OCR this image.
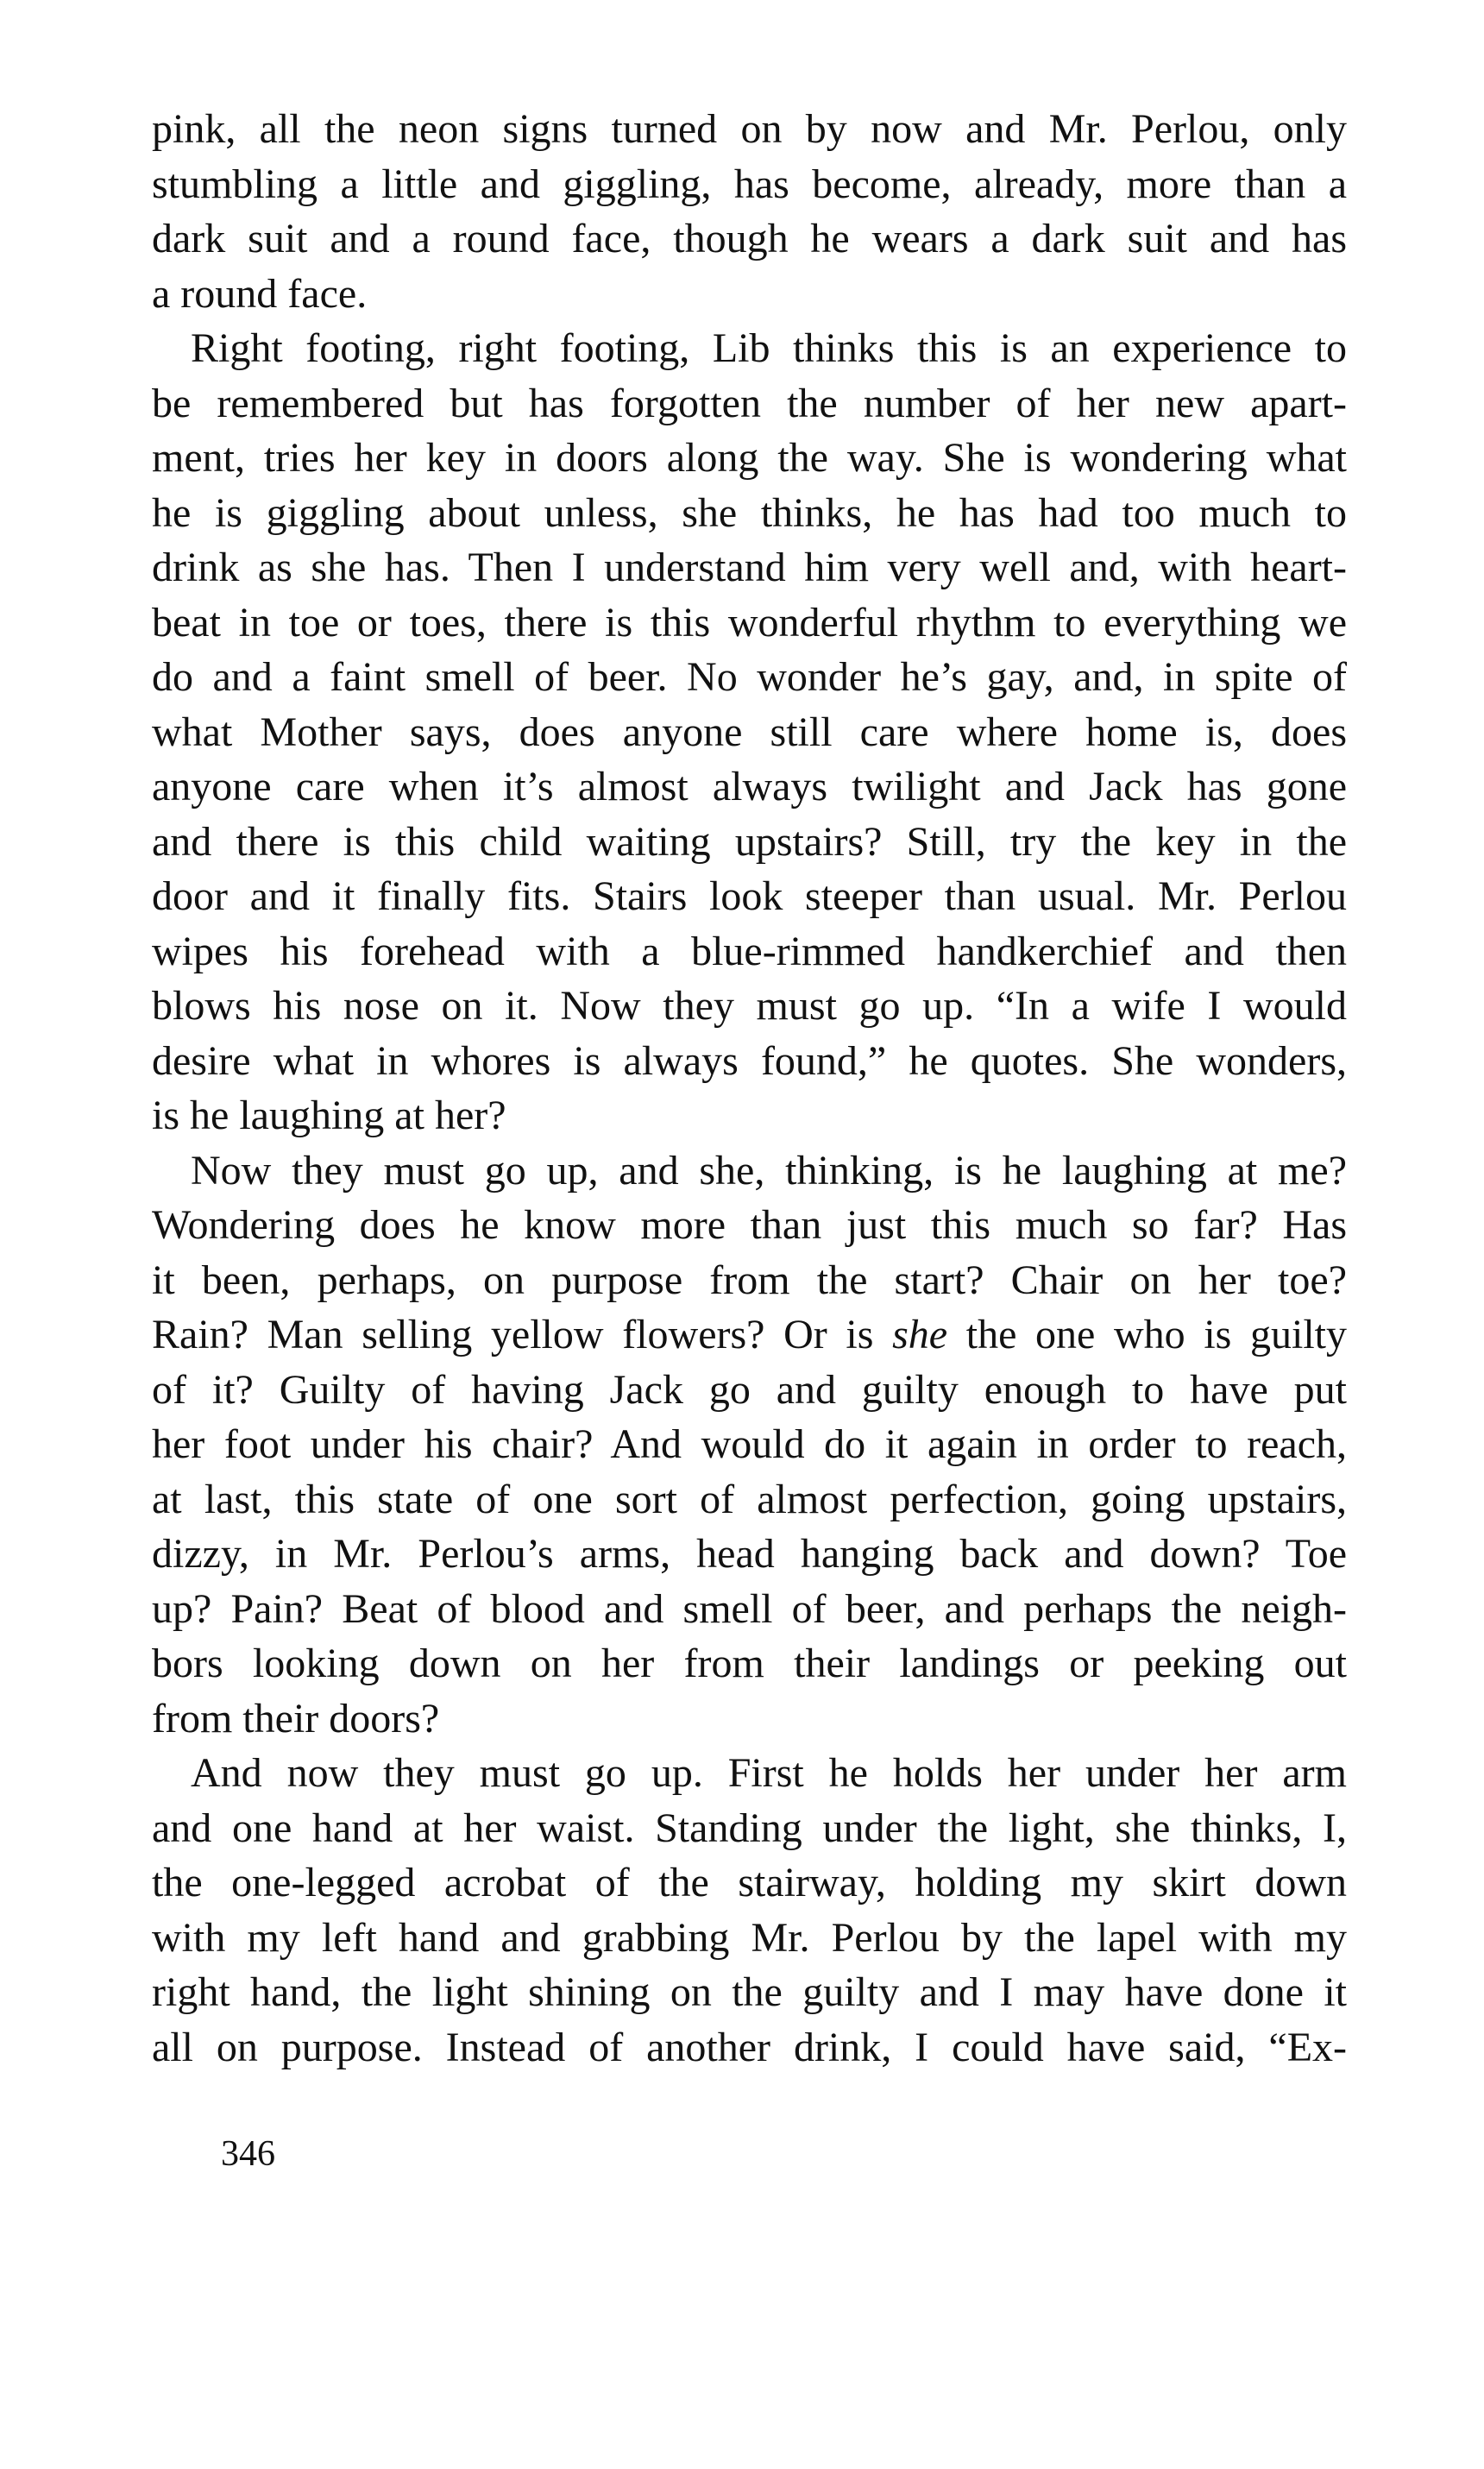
pink, all the neon signs turned on by now and Mr. Perlou, only
stumbling a little and giggling, has become, already, more than a
dark suit and a round face, though he wears a dark suit and has
a round face.
Right footing, right footing, Lib thinks this is an experience to
be remembered but has forgotten the number of her new apart-
ment, tries her key in doors along the way. She is wondering what
he is giggling about unless, she thinks, he has had too much to
drink as she has. Then I understand him very well and, with heart-
beat in toe or toes, there is this wonderful rhythm to everything we
do and a faint smell of beer. No wonder he’s gay, and, in spite of
what Mother says, does anyone still care where home is, does
anyone care when it’s almost always twilight and Jack has gone
and there is this child waiting upstairs? Still, try the key in the
door and it finally fits. Stairs look steeper than usual. Mr. Perlou
wipes his forehead with a blue-rimmed handkerchief and then
blows his nose on it. Now they must go up. “In a wife I would
desire what in whores is always found,” he quotes. She wonders,
is he laughing at her?
Now they must go up, and she, thinking, is he laughing at me?
Wondering does he know more than just this much so far? Has
it been, perhaps, on purpose from the start? Chair on her toe?
Rain? Man selling yellow flowers? Or is she the one who is guilty
of it? Guilty of having Jack go and guilty enough to have put
her foot under his chair? And would do it again in order to reach,
at last, this state of one sort of almost perfection, going upstairs,
dizzy, in Mr. Perlou’s arms, head hanging back and down? Toe
up? Pain? Beat of blood and smell of beer, and perhaps the neigh-
bors looking down on her from their landings or peeking out
from their doors?
And now they must go up. First he holds her under her arm
and one hand at her waist. Standing under the light, she thinks, I,
the one-legged acrobat of the stairway, holding my skirt down
with my left hand and grabbing Mr. Perlou by the lapel with my
right hand, the light shining on the guilty and I may have done it
all on purpose. Instead of another drink, I could have said, “Ex-
346
